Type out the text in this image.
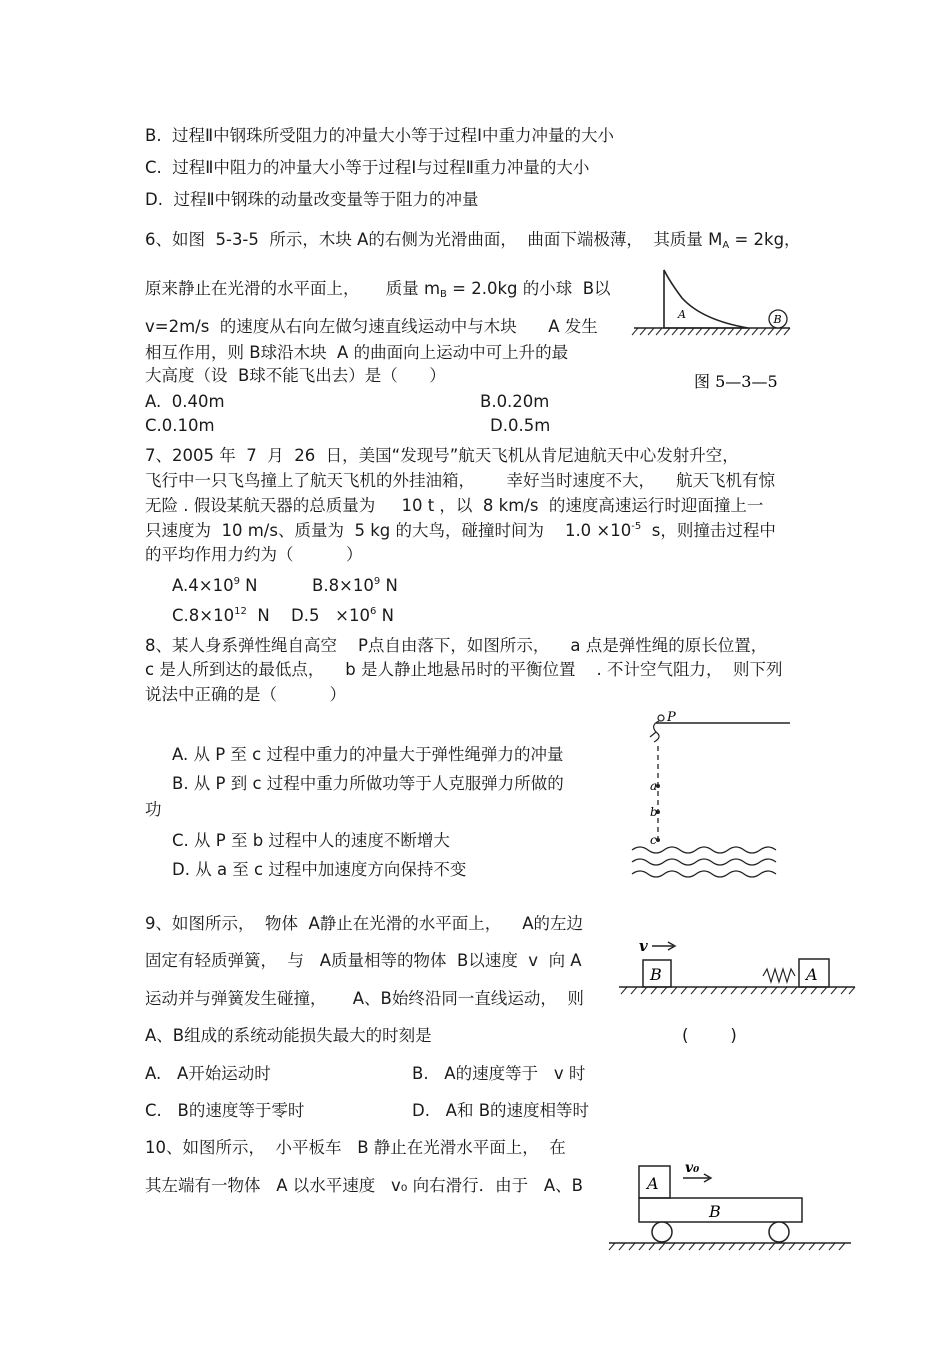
B.  过程Ⅱ中钢珠所受阻力的冲量大小等于过程Ⅰ中重力冲量的大小
C.  过程Ⅱ中阻力的冲量大小等于过程Ⅰ与过程Ⅱ重力冲量的大小
D.  过程Ⅱ中钢珠的动量改变量等于阻力的冲量
6、如图  5-3-5  所示，木块 A的右侧为光滑曲面，  曲面下端极薄，  其质量 $M_A = 2kg$，
原来静止在光滑的水平面上，     质量 $m_B = 2.0kg$ 的小球  B以
v=2m/s  的速度从右向左做匀速直线运动中与木块      A 发生
相互作用，则 B球沿木块  A 的曲面向上运动中可上升的最
大高度（设  B球不能飞出去）是（      ）
A.  0.40m	B.0.20m
C.0.10m	D.0.5m
A	B
图 5—3—5
7、2005 年  7  月  26  日，美国“发现号”航天飞机从肯尼迪航天中心发射升空，
飞行中一只飞鸟撞上了航天飞机的外挂油箱，      幸好当时速度不大，    航天飞机有惊
无险 . 假设某航天器的总质量为     10 t ，以  8 km/s  的速度高速运行时迎面撞上一
只速度为  10 m/s、质量为  5 kg 的大鸟，碰撞时间为    $1.0 \times 10^{-5}$  s，则撞击过程中
的平均作用力约为（          ）
$A.4\times 10^9$ N	$B.8\times 10^9$ N
$C.8\times 10^{12}$  N $D.5 \times 10^6$ N
8、某人身系弹性绳自高空    P点自由落下，如图所示，    a 点是弹性绳的原长位置，
c 是人所到达的最低点，    b 是人静止地悬吊时的平衡位置    . 不计空气阻力，  则下列
说法中正确的是（          ）
A. 从 P 至 c 过程中重力的冲量大于弹性绳弹力的冲量
B. 从 P 到 c 过程中重力所做功等于人克服弹力所做的
功
C. 从 P 至 b 过程中人的速度不断增大
D. 从 a 至 c 过程中加速度方向保持不变
P
a
b
c
9、如图所示，  物体  A静止在光滑的水平面上，    A的左边
固定有轻质弹簧，  与   A质量相等的物体  B以速度  v  向 A
运动并与弹簧发生碰撞，     A、B始终沿同一直线运动，  则
A、B组成的系统动能损失最大的时刻是	(        )
A.   A开始运动时	B.   A的速度等于   v 时
C.   B的速度等于零时	D.   A和 B的速度相等时
v
B	A
10、如图所示，  小平板车   B 静止在光滑水平面上，  在
其左端有一物体   A 以水平速度   v₀ 向右滑行．由于   A、B	A
v₀
B
